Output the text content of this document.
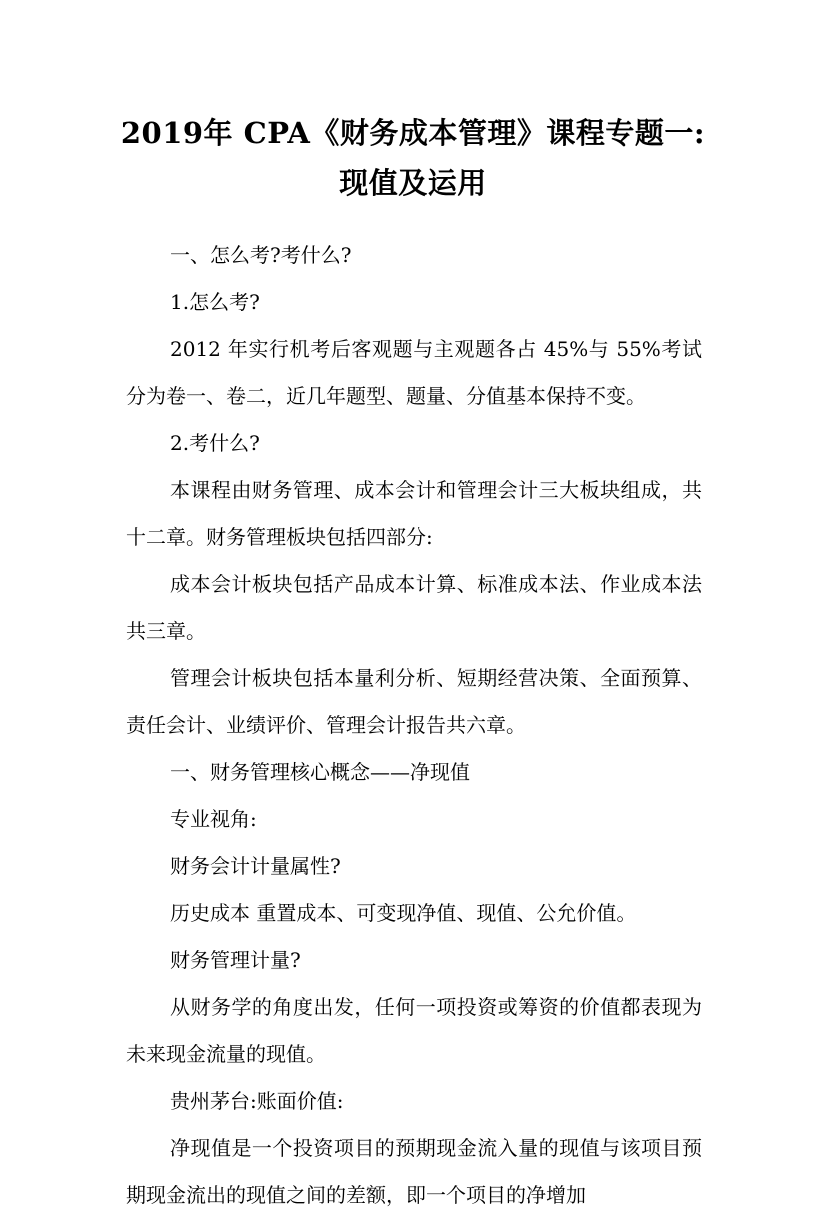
2019年 CPA《财务成本管理》课程专题一:
现值及运用

一、怎么考?考什么?

1.怎么考?

2012 年实行机考后客观题与主观题各占 45%与 55%考试分为卷一、卷二，近几年题型、题量、分值基本保持不变。

2.考什么?

本课程由财务管理、成本会计和管理会计三大板块组成，共十二章。财务管理板块包括四部分:

成本会计板块包括产品成本计算、标准成本法、作业成本法共三章。

管理会计板块包括本量利分析、短期经营决策、全面预算、责任会计、业绩评价、管理会计报告共六章。

一、财务管理核心概念——净现值

专业视角:

财务会计计量属性?

历史成本 重置成本、可变现净值、现值、公允价值。

财务管理计量?

从财务学的角度出发，任何一项投资或筹资的价值都表现为未来现金流量的现值。

贵州茅台:账面价值:

净现值是一个投资项目的预期现金流入量的现值与该项目预期现金流出的现值之间的差额，即一个项目的净增加
